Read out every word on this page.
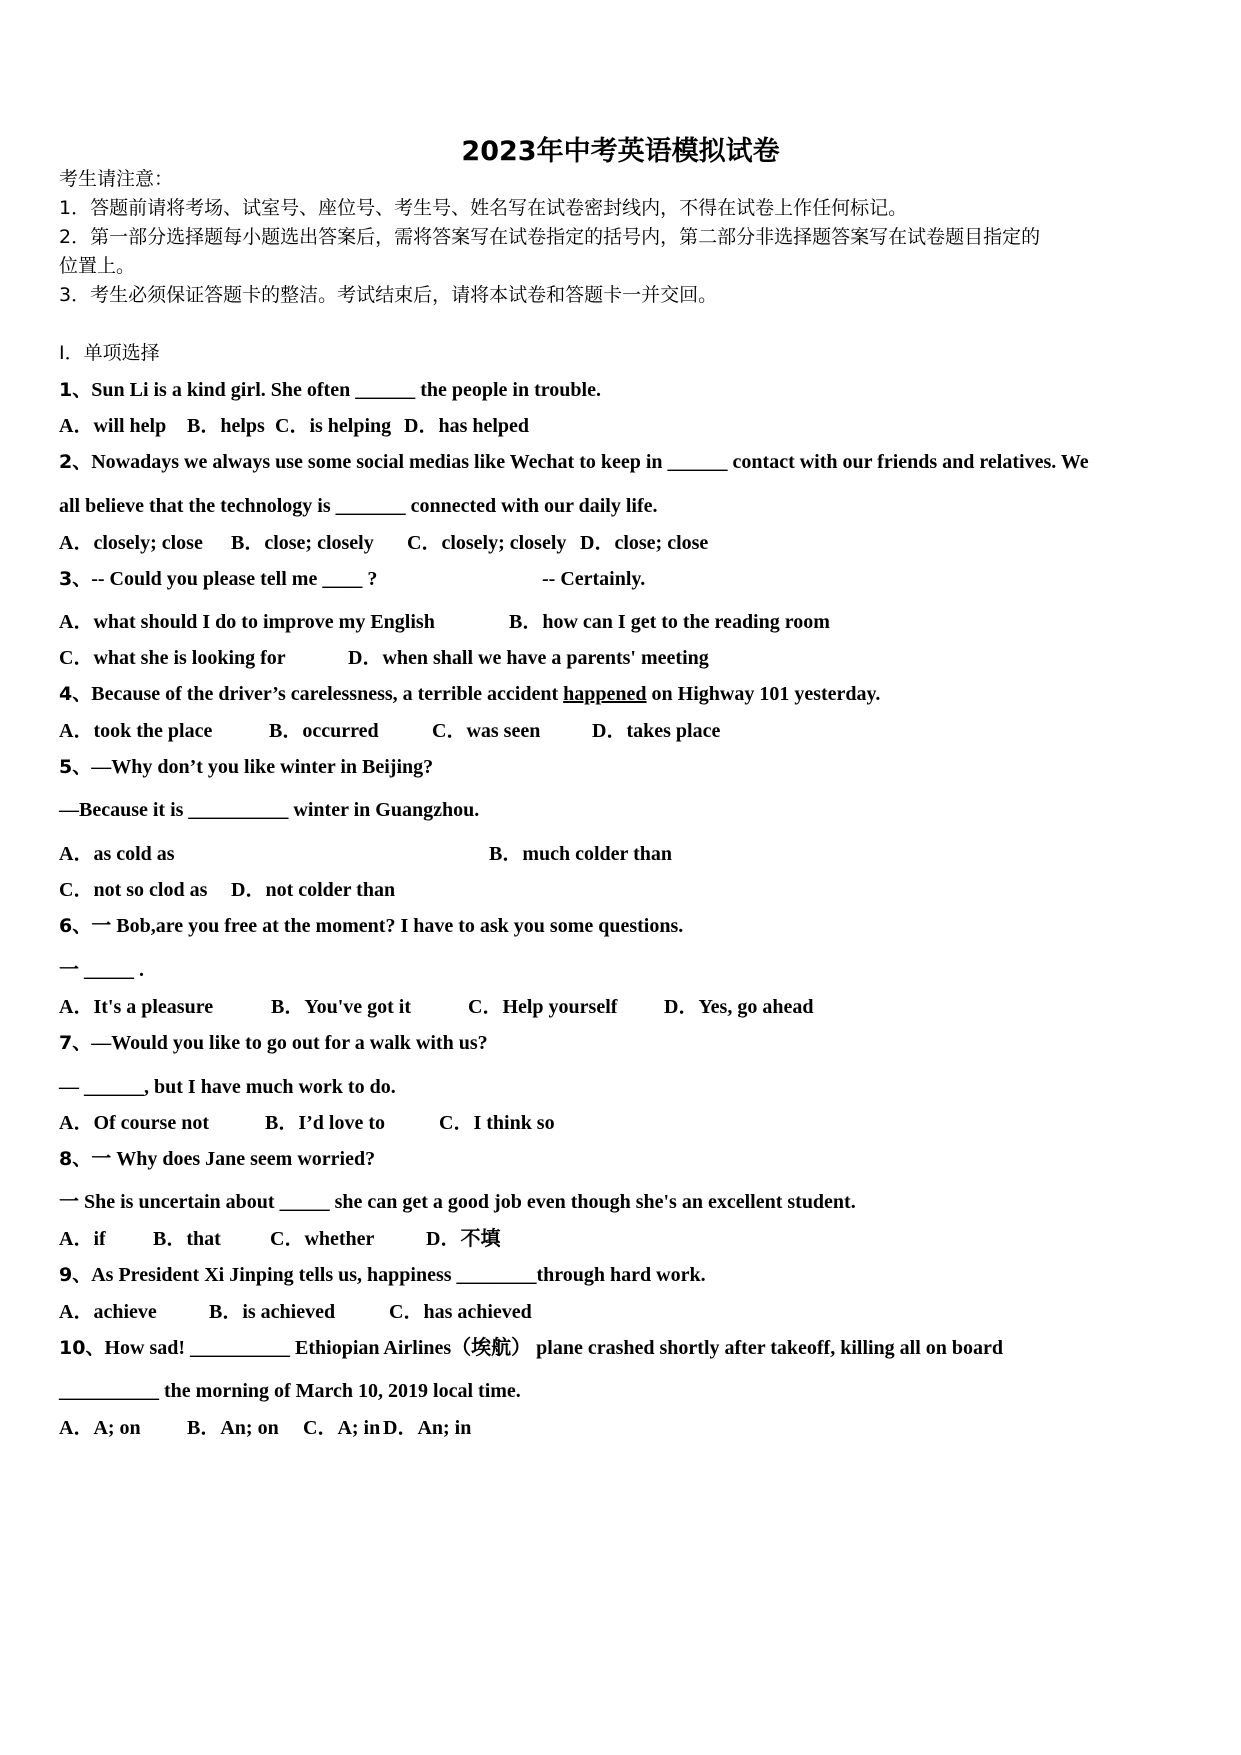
2023年中考英语模拟试卷
考生请注意：
1．答题前请将考场、试室号、座位号、考生号、姓名写在试卷密封线内，不得在试卷上作任何标记。
2．第一部分选择题每小题选出答案后，需将答案写在试卷指定的括号内，第二部分非选择题答案写在试卷题目指定的
位置上。
3．考生必须保证答题卡的整洁。考试结束后，请将本试卷和答题卡一并交回。
Ⅰ．单项选择
1、Sun Li is a kind girl. She often ______ the people in trouble.
A．will help B．helps C．is helping D．has helped
2、Nowadays we always use some social medias like Wechat to keep in ______ contact with our friends and relatives. We
all believe that the technology is _______ connected with our daily life.
A．closely; close B．close; closely C．closely; closely D．close; close
3、-- Could you please tell me ____ ?	-- Certainly.
A．what should I do to improve my English	B．how can I get to the reading room
C．what she is looking for	D．when shall we have a parents' meeting
4、Because of the driver’s carelessness, a terrible accident happened on Highway 101 yesterday.
A．took the place	B．occurred	C．was seen	D．takes place
5、—Why don’t you like winter in Beijing?
—Because it is __________ winter in Guangzhou.
A．as cold as	B．much colder than
C．not so clod as D．not colder than
6、一 Bob,are you free at the moment? I have to ask you some questions.
一 _____ .
A．It's a pleasure	B．You've got it	C．Help yourself D．Yes, go ahead
7、—Would you like to go out for a walk with us?
— ______, but I have much work to do.
A．Of course not	B．I’d love to	C．I think so
8、一 Why does Jane seem worried?
一 She is uncertain about _____ she can get a good job even though she's an excellent student.
A．if B．that C．whether	D．不填
9、As President Xi Jinping tells us, happiness ________through hard work.
A．achieve	B．is achieved	C．has achieved
10、How sad! __________ Ethiopian Airlines（埃航） plane crashed shortly after takeoff, killing all on board
__________ the morning of March 10, 2019 local time.
A．A; on B．An; on C．A; in D．An; in
